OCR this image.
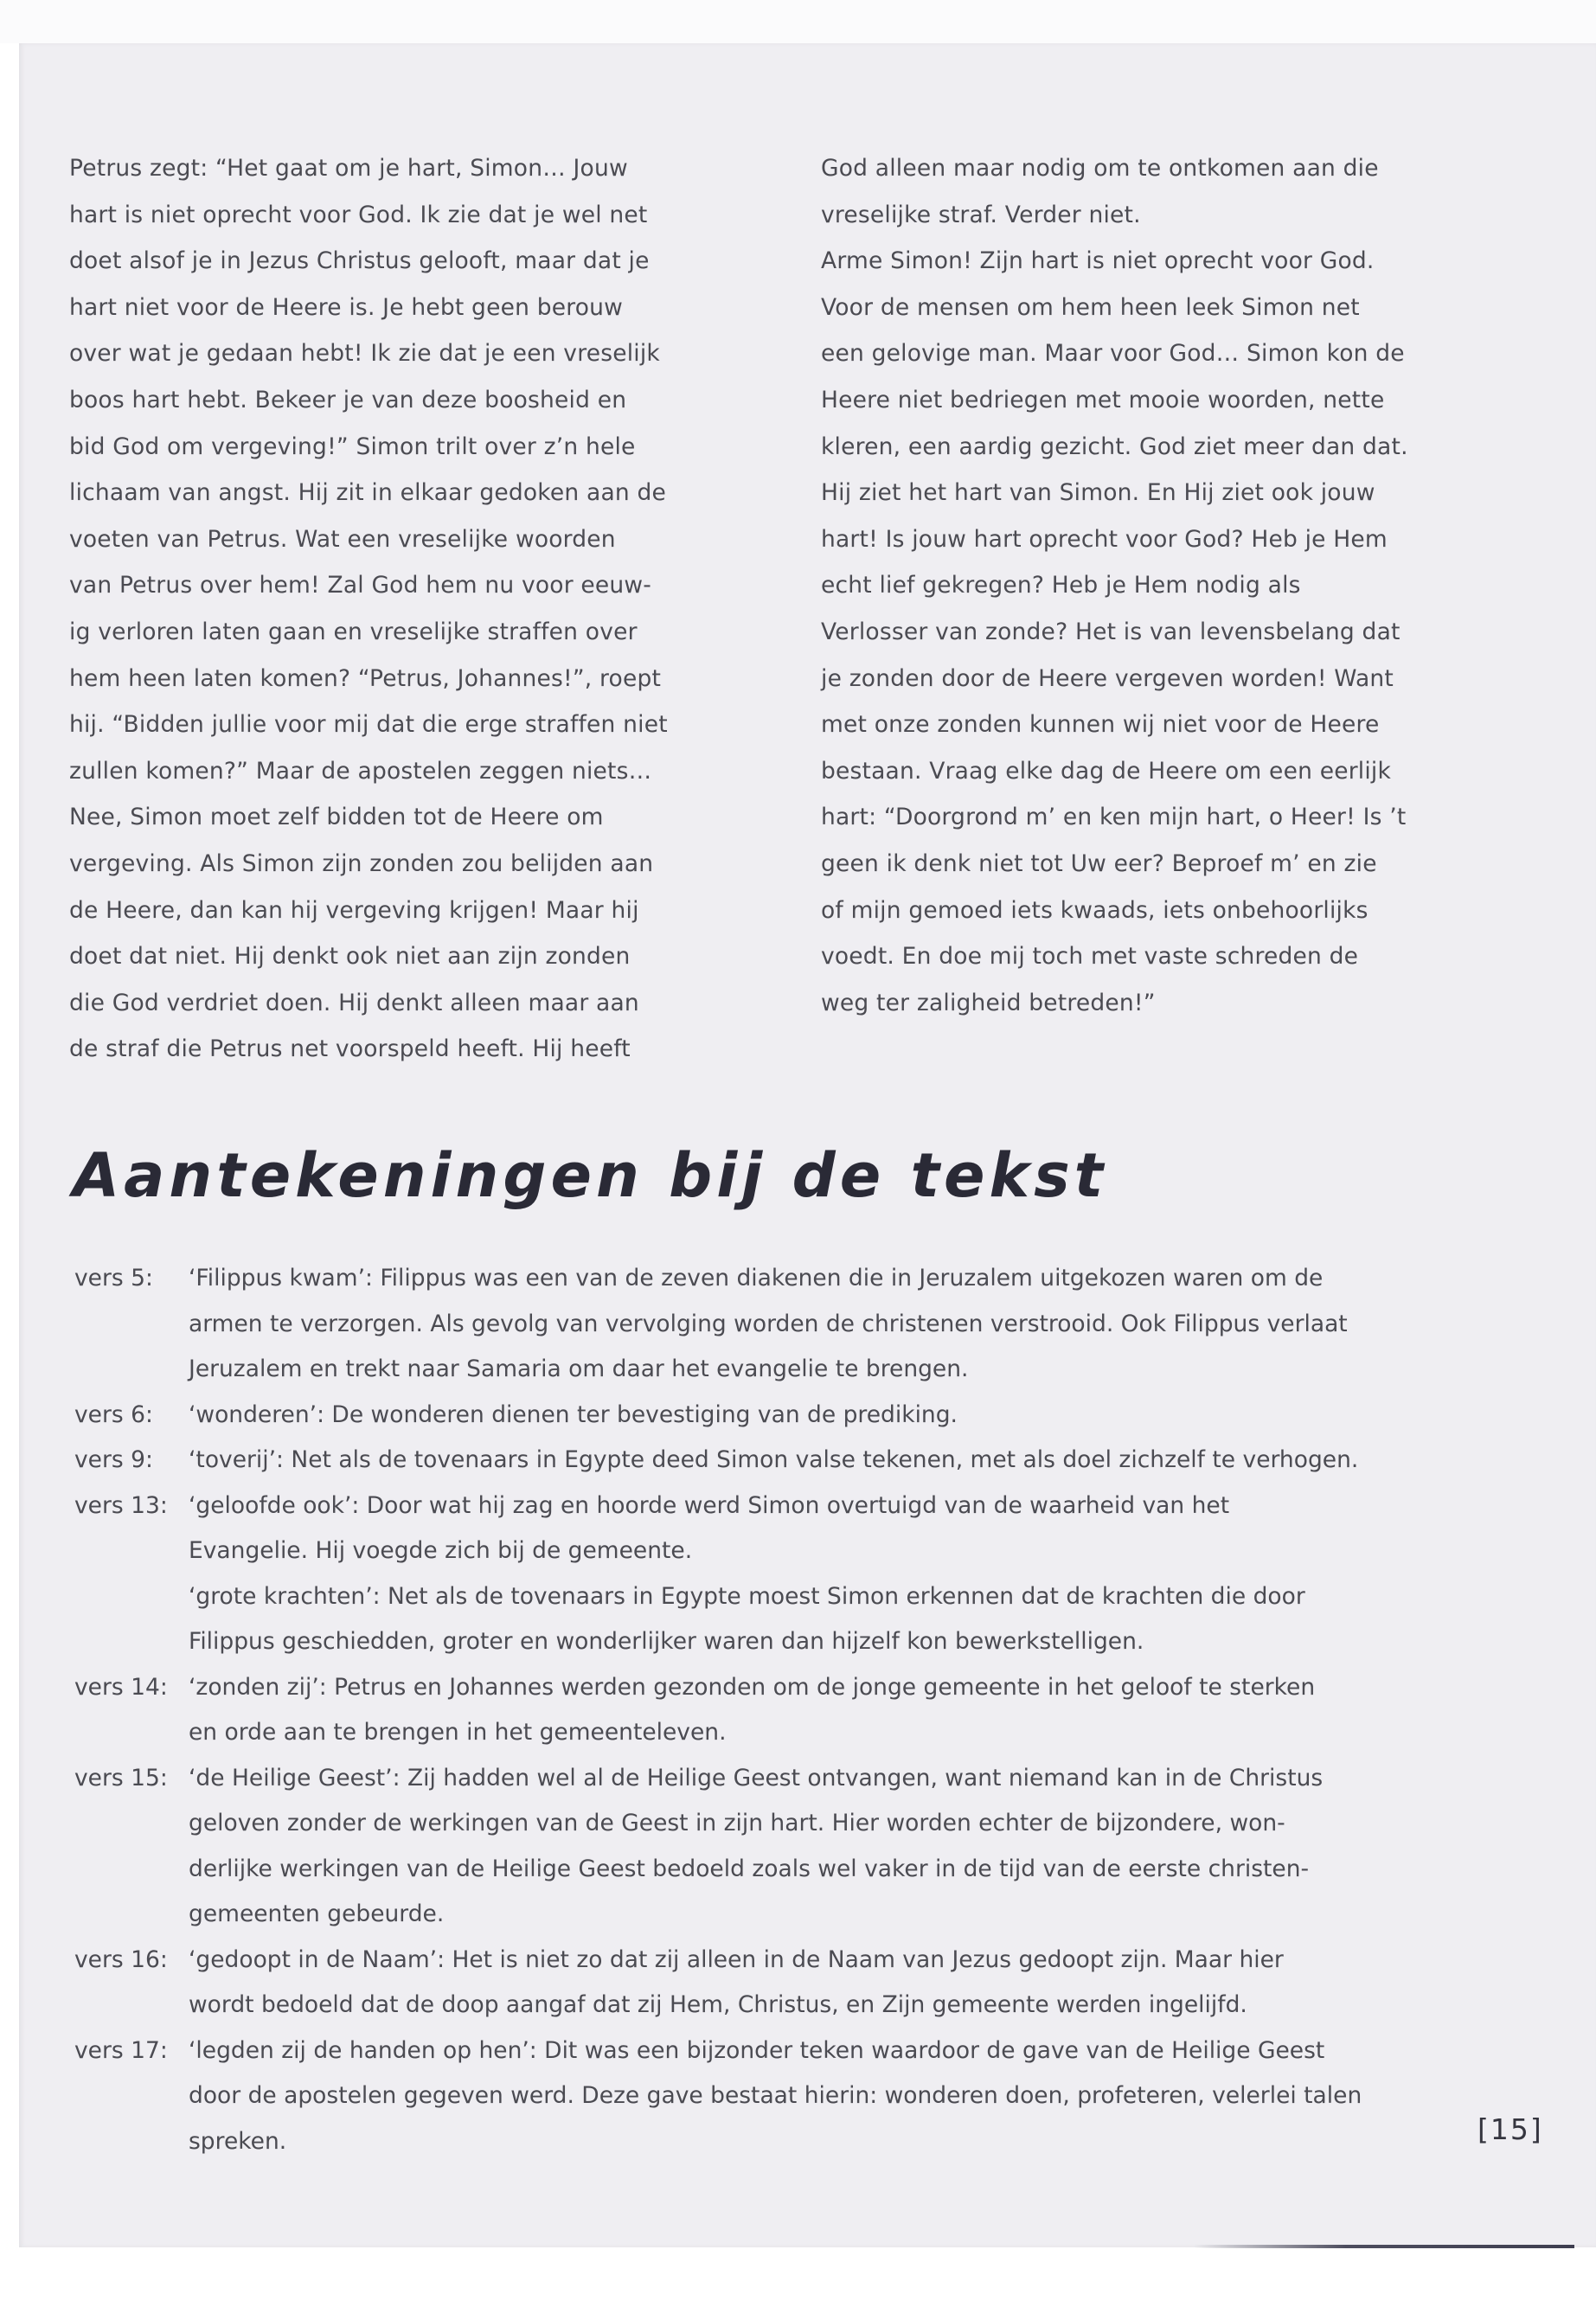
Petrus zegt: “Het gaat om je hart, Simon… Jouw
hart is niet oprecht voor God. Ik zie dat je wel net
doet alsof je in Jezus Christus gelooft, maar dat je
hart niet voor de Heere is. Je hebt geen berouw
over wat je gedaan hebt! Ik zie dat je een vreselijk
boos hart hebt. Bekeer je van deze boosheid en
bid God om vergeving!” Simon trilt over z’n hele
lichaam van angst. Hij zit in elkaar gedoken aan de
voeten van Petrus. Wat een vreselijke woorden
van Petrus over hem! Zal God hem nu voor eeuw-
ig verloren laten gaan en vreselijke straffen over
hem heen laten komen? “Petrus, Johannes!”, roept
hij. “Bidden jullie voor mij dat die erge straffen niet
zullen komen?” Maar de apostelen zeggen niets…
Nee, Simon moet zelf bidden tot de Heere om
vergeving. Als Simon zijn zonden zou belijden aan
de Heere, dan kan hij vergeving krijgen! Maar hij
doet dat niet. Hij denkt ook niet aan zijn zonden
die God verdriet doen. Hij denkt alleen maar aan
de straf die Petrus net voorspeld heeft. Hij heeft
God alleen maar nodig om te ontkomen aan die
vreselijke straf. Verder niet.
Arme Simon! Zijn hart is niet oprecht voor God.
Voor de mensen om hem heen leek Simon net
een gelovige man. Maar voor God… Simon kon de
Heere niet bedriegen met mooie woorden, nette
kleren, een aardig gezicht. God ziet meer dan dat.
Hij ziet het hart van Simon. En Hij ziet ook jouw
hart! Is jouw hart oprecht voor God? Heb je Hem
echt lief gekregen? Heb je Hem nodig als
Verlosser van zonde? Het is van levensbelang dat
je zonden door de Heere vergeven worden! Want
met onze zonden kunnen wij niet voor de Heere
bestaan. Vraag elke dag de Heere om een eerlijk
hart: “Doorgrond m’ en ken mijn hart, o Heer! Is ’t
geen ik denk niet tot Uw eer? Beproef m’ en zie
of mijn gemoed iets kwaads, iets onbehoorlijks
voedt. En doe mij toch met vaste schreden de
weg ter zaligheid betreden!”
Aantekeningen bij de tekst
vers 5:	‘Filippus kwam’: Filippus was een van de zeven diakenen die in Jeruzalem uitgekozen waren om de
armen te verzorgen. Als gevolg van vervolging worden de christenen verstrooid. Ook Filippus verlaat
Jeruzalem en trekt naar Samaria om daar het evangelie te brengen.
vers 6:	‘wonderen’: De wonderen dienen ter bevestiging van de prediking.
vers 9:	‘toverij’: Net als de tovenaars in Egypte deed Simon valse tekenen, met als doel zichzelf te verhogen.
vers 13: ‘geloofde ook’: Door wat hij zag en hoorde werd Simon overtuigd van de waarheid van het
Evangelie. Hij voegde zich bij de gemeente.
‘grote krachten’: Net als de tovenaars in Egypte moest Simon erkennen dat de krachten die door
Filippus geschiedden, groter en wonderlijker waren dan hijzelf kon bewerkstelligen.
vers 14: ‘zonden zij’: Petrus en Johannes werden gezonden om de jonge gemeente in het geloof te sterken
en orde aan te brengen in het gemeenteleven.
vers 15: ‘de Heilige Geest’: Zij hadden wel al de Heilige Geest ontvangen, want niemand kan in de Christus
geloven zonder de werkingen van de Geest in zijn hart. Hier worden echter de bijzondere, won-
derlijke werkingen van de Heilige Geest bedoeld zoals wel vaker in de tijd van de eerste christen-
gemeenten gebeurde.
vers 16: ‘gedoopt in de Naam’: Het is niet zo dat zij alleen in de Naam van Jezus gedoopt zijn. Maar hier
wordt bedoeld dat de doop aangaf dat zij Hem, Christus, en Zijn gemeente werden ingelijfd.
vers 17: ‘legden zij de handen op hen’: Dit was een bijzonder teken waardoor de gave van de Heilige Geest
door de apostelen gegeven werd. Deze gave bestaat hierin: wonderen doen, profeteren, velerlei talen
spreken.	[15]
